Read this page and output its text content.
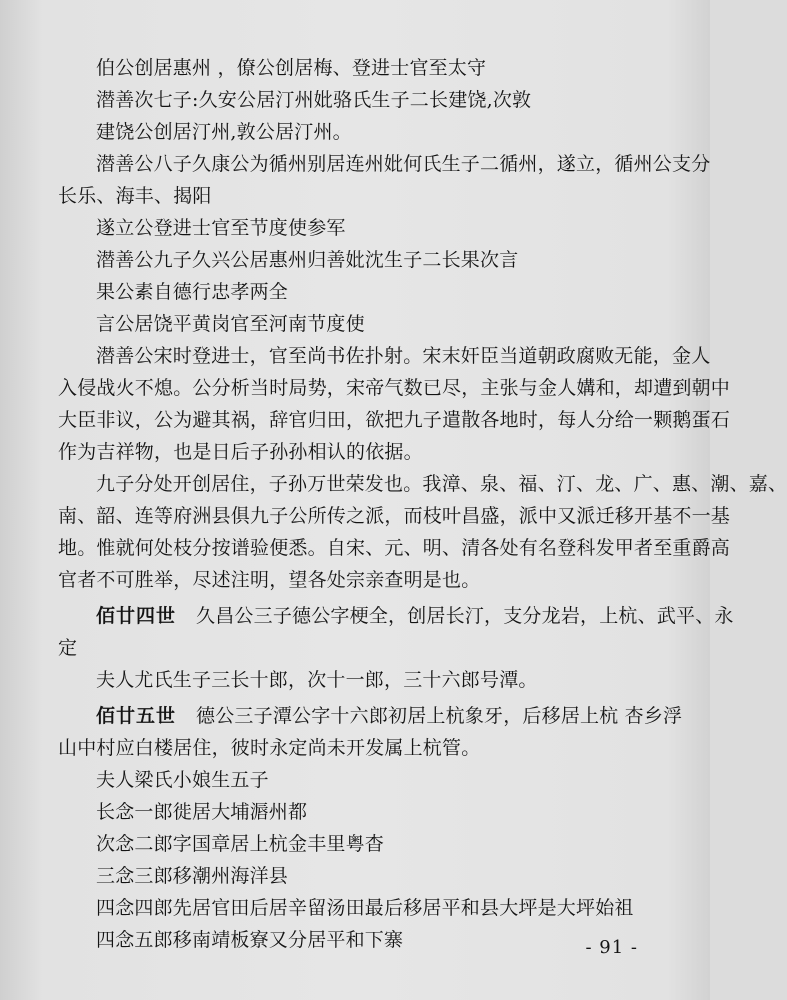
伯公创居惠州 ，僚公创居梅、登进士官至太守
潜善次七子:久安公居汀州妣骆氏生子二长建饶,次敦
建饶公创居汀州,敦公居汀州。
潜善公八子久康公为循州别居连州妣何氏生子二循州，遂立，循州公支分
长乐、海丰、揭阳
遂立公登进士官至节度使参军
潜善公九子久兴公居惠州归善妣沈生子二长果次言
果公素自德行忠孝两全
言公居饶平黄岗官至河南节度使
潜善公宋时登进士，官至尚书佐扑射。宋末奸臣当道朝政腐败无能，金人
入侵战火不熄。公分析当时局势，宋帝气数已尽，主张与金人媾和，却遭到朝中
大臣非议，公为避其祸，辞官归田，欲把九子遣散各地时，每人分给一颗鹅蛋石
作为吉祥物，也是日后子孙孙相认的依据。
九子分处开创居住，子孙万世荣发也。我漳、泉、福、汀、龙、广、惠、潮、嘉、
南、韶、连等府洲县俱九子公所传之派，而枝叶昌盛，派中又派迁移开基不一基
地。惟就何处枝分按谱验便悉。自宋、元、明、清各处有名登科发甲者至重爵高
官者不可胜举，尽述注明，望各处宗亲查明是也。
佰廿四世 久昌公三子德公字梗全，创居长汀，支分龙岩，上杭、武平、永
定
夫人尤氏生子三长十郎，次十一郎，三十六郎号潭。
佰廿五世 德公三子潭公字十六郎初居上杭象牙，后移居上杭 杏乡浮
山中村应白楼居住，彼时永定尚未开发属上杭管。
夫人梁氏小娘生五子
长念一郎徙居大埔滣州都
次念二郎字国章居上杭金丰里粤杳
三念三郎移潮州海洋县
四念四郎先居官田后居辛留汤田最后移居平和县大坪是大坪始祖
四念五郎移南靖板寮又分居平和下寨	- 91 -
